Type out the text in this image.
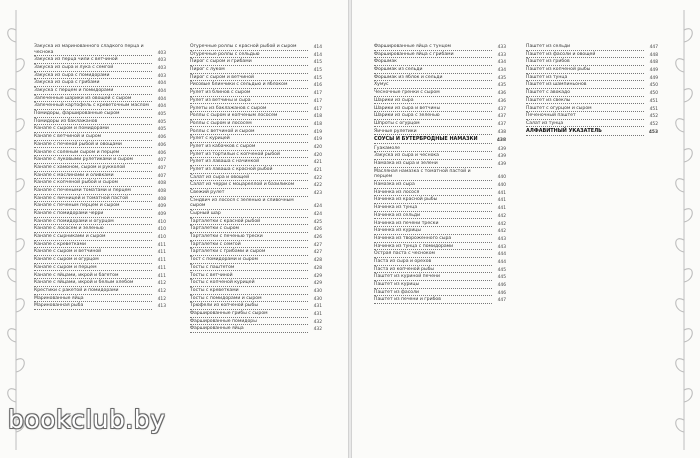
Закуска из маринованного сладкого перца и чеснока	403
Закуска из перца чили с ветчиной	403
Закуска из сыра и лука с семгой	403
Закуска из сыра с помидорами	403
Закуска из сыра с грибами	404
Закуска с перцем и помидорами	404
Запеченные шарики из овощей с сыром	404
Запеченный картофель с креветочным маслом	404
Помидоры, фаршированные сыром	405
Помидоры из баклажанов	405
Канапе с сыром и помидорами	405
Канапе с ветчиной и сыром	406
Канапе с печеной рыбой и овощами	406
Канапе с соленым сыром и перцем	406
Канапе с луковыми рулетиками и сыром	407
Канапе с хамоном, сыром и рукколой	407
Канапе с маслинами и оливками	407
Канапе с копченой рыбой и сыром	408
Канапе с печеными томатами и перцем	408
Канапе с яичницей и томатной пастой	408
Канапе с печеным перцем и сыром	409
Канапе с помидорами черри	409
Канапе с помидорами и огурцом	410
Канапе с лососем и зеленью	410
Канапе с сырниками и сыром	410
Канапе с креветками	411
Канапе с сыром и ветчиной	411
Канапе с сыром и огурцом	411
Канапе с сыром и перцем	411
Канапе с яйцами, икрой и багетом	411
Канапе с яйцами, икрой и белым хлебом	412
Крестики с ракетой и помидорами	412
Маринованные яйца	412
Маринованная рыба	413
Огуречные роллы с красной рыбой и сыром	414
Огуречные роллы с сельдью	414
Пирог с сыром и грибами	415
Пирог с луком	415
Пирог с сыром и ветчиной	415
Рисовые блинчики с сельдью и яблоком	416
Рулет из блинов с сыром	417
Рулет из ветчины и сыра	417
Рулеты из баклажанов с сыром	417
Роллы с сыром и копченым лососем	418
Роллы с сыром и лососем	418
Роллы с ветчиной и сыром	419
Рулет с курицей	419
Рулет из кабачков с сыром	420
Рулет из тортильи с копченой рыбой	420
Рулет из лаваша с начинкой	421
Рулет из лаваша с красной рыбой	421
Салат из сыра и овощей	422
Салат из черри с моцареллой и базиликом	422
Свежий рулет	423
Сэндвич из лосося с зеленью и сливочным сыром	424
Сырный шар	424
Тарталетки с красной рыбой	425
Тарталетки с сыром	426
Тарталетки с печенью трески	426
Тарталетки с семгой	427
Тарталетки с грибами и сыром	427
Тост с помидорами и сыром	428
Тосты с паштетом	428
Тосты с ветчиной	429
Тосты с копченой курицей	429
Тосты с креветками	430
Тосты с помидорами и сыром	430
Трюфели из копченой рыбы	431
Фаршированные грибы с сыром	431
Фаршированные помидоры	432
Фаршированные яйца	432
Фаршированные яйца с тунцом	433
Фаршированные яйца с грибами	433
Форшмак	434
Форшмак из сельди	434
Форшмак из яблок и сельди	435
Хумус	435
Чесночные гренки с сыром	436
Шарики из сыра	436
Шарики из сыра и ветчины	437
Шарики из сыра с зеленью	437
Шпроты с огурцом	437
Яичные рулетики	438
СОУСЫ И БУТЕРБРОДНЫЕ НАМАЗКИ	438
Гуакамоле	439
Закуска из сыра и чеснока	439
Намазка из сыра и зелени	439
Масляная намазка с томатной пастой и перцем	440
Намазка из сыра	440
Начинка из лосося	441
Начинка из красной рыбы	441
Начинка из тунца	441
Начинка из сельди	442
Начинка из печени трески	442
Начинка из курицы	442
Начинка из твороженного сыра	443
Начинка из тунца с помидорами	443
Острая паста с чесноком	444
Паста из сыра и орехов	444
Паста из копченой рыбы	445
Паштет из куриной печени	445
Паштет из курицы	446
Паштет из фасоли	446
Паштет из печени и грибов	447
Паштет из сельди	447
Паштет из фасоли и овощей	448
Паштет из грибов	448
Паштет из копченой рыбы	449
Паштет из тунца	449
Паштет из шампиньонов	450
Паштет с авокадо	450
Паштет из свеклы	451
Паштет с огурцом и сыром	451
Печеночный паштет	452
Салат из тунца	452
АЛФАВИТНЫЙ УКАЗАТЕЛЬ	453
bookclub.by
